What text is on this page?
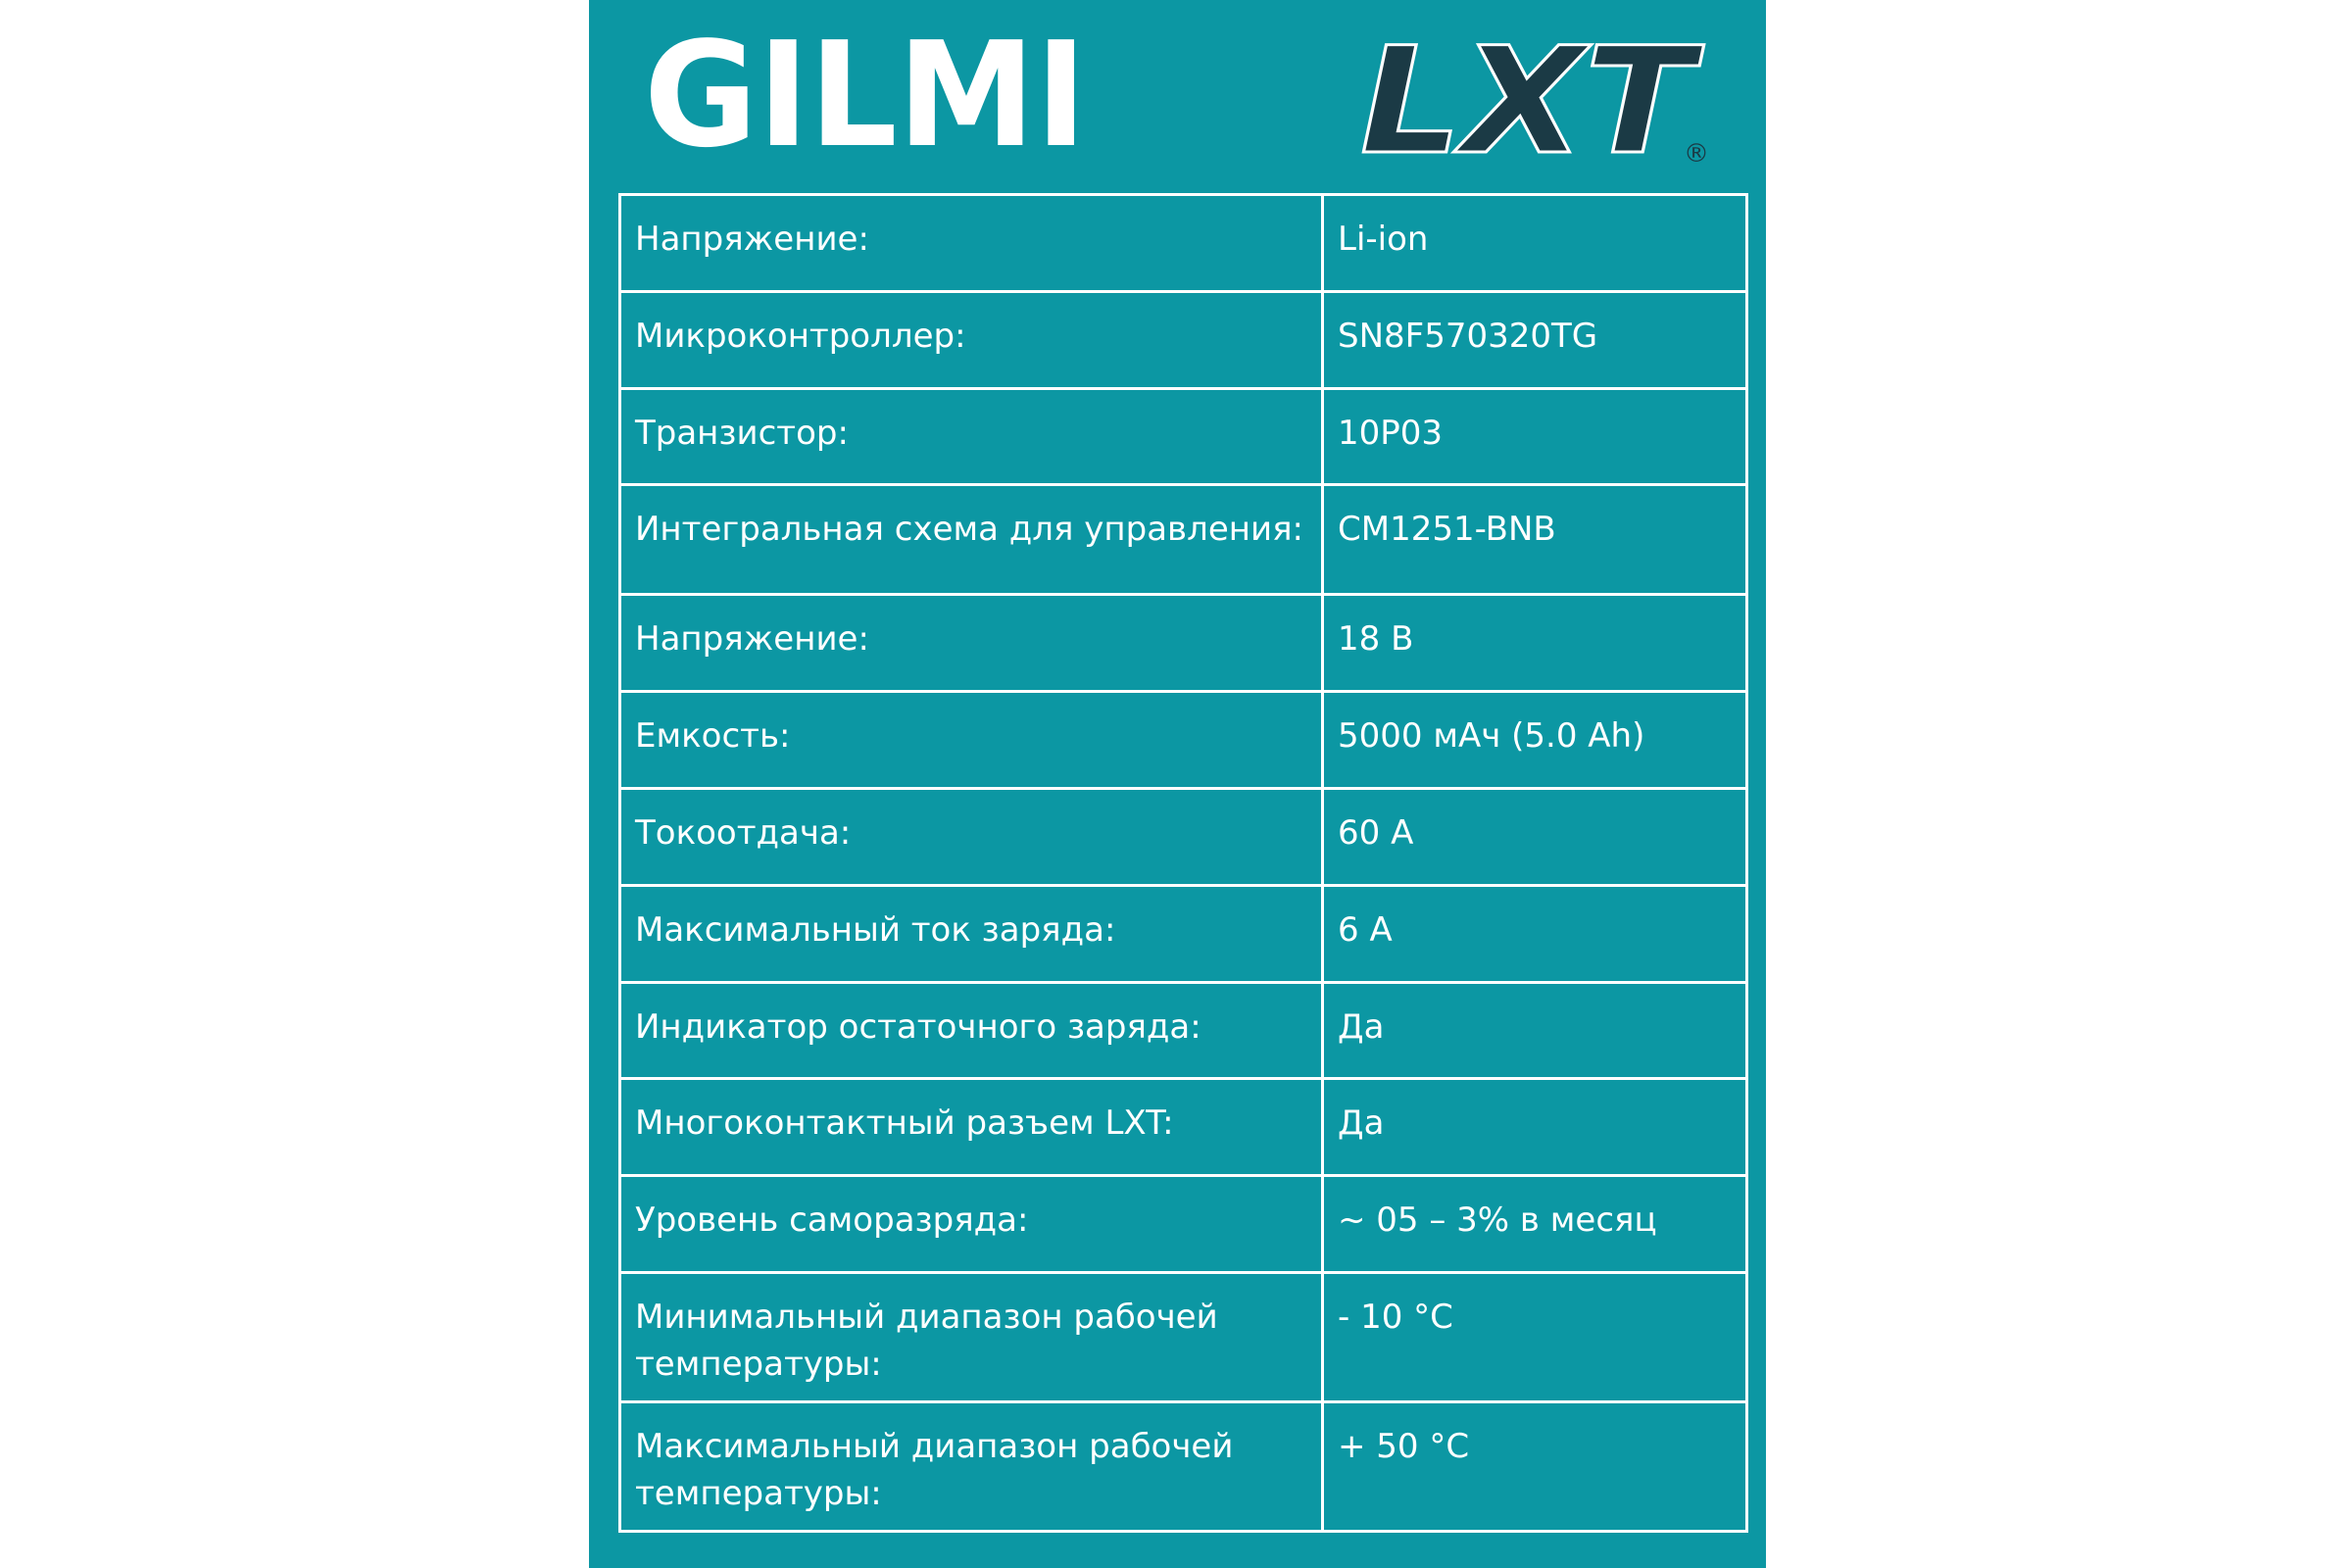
GILMI LXT
®
Напряжение:	Li-ion
Микроконтроллер:	SN8F570320TG
Транзистор:	10P03
Интегральная схема для управления:	CM1251-BNB
Напряжение:	18 В
Емкость:	5000 мАч (5.0 Ah)
Токоотдача:	60 А
Максимальный ток заряда:	6 А
Индикатор остаточного заряда:	Да
Многоконтактный разъем LXT:	Да
Уровень саморазряда:	~ 05 – 3% в месяц
Минимальный диапазон рабочей температуры:	- 10 °С
Максимальный диапазон рабочей температуры:	+ 50 °С
